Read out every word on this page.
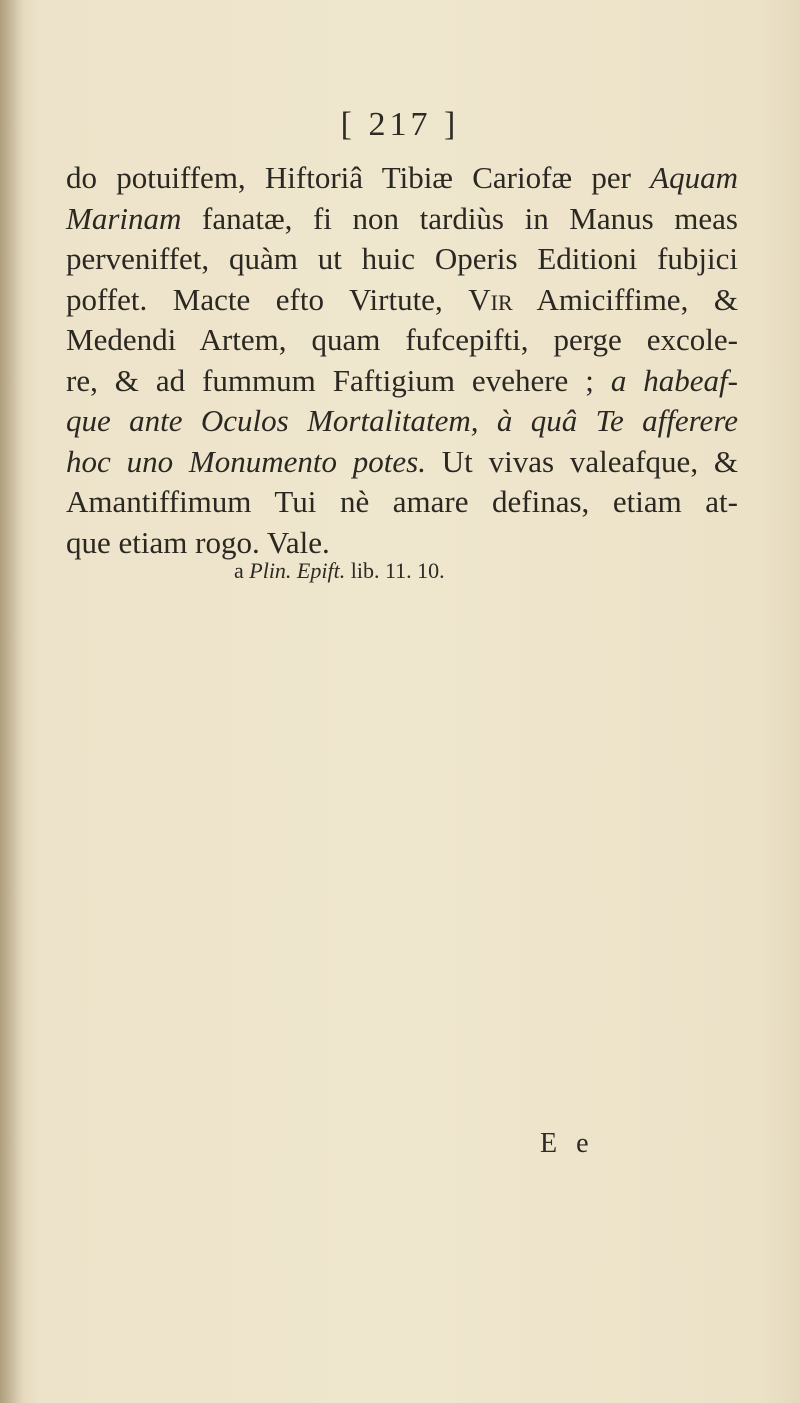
[ 217 ]
do potuiffem, Hiftoriâ Tibiæ Cariofæ per Aquam
Marinam fanatæ, fi non tardiùs in Manus meas
perveniffet, quàm ut huic Operis Editioni fubjici
poffet. Macte efto Virtute, Vir Amiciffime, &
Medendi Artem, quam fufcepifti, perge excole-
re, & ad fummum Faftigium evehere ; a habeaf-
que ante Oculos Mortalitatem, à quâ Te afferere
hoc uno Monumento potes. Ut vivas valeafque, &
Amantiffimum Tui nè amare definas, etiam at-
que etiam rogo. Vale.
a Plin. Epift. lib. 11. 10.
E e
